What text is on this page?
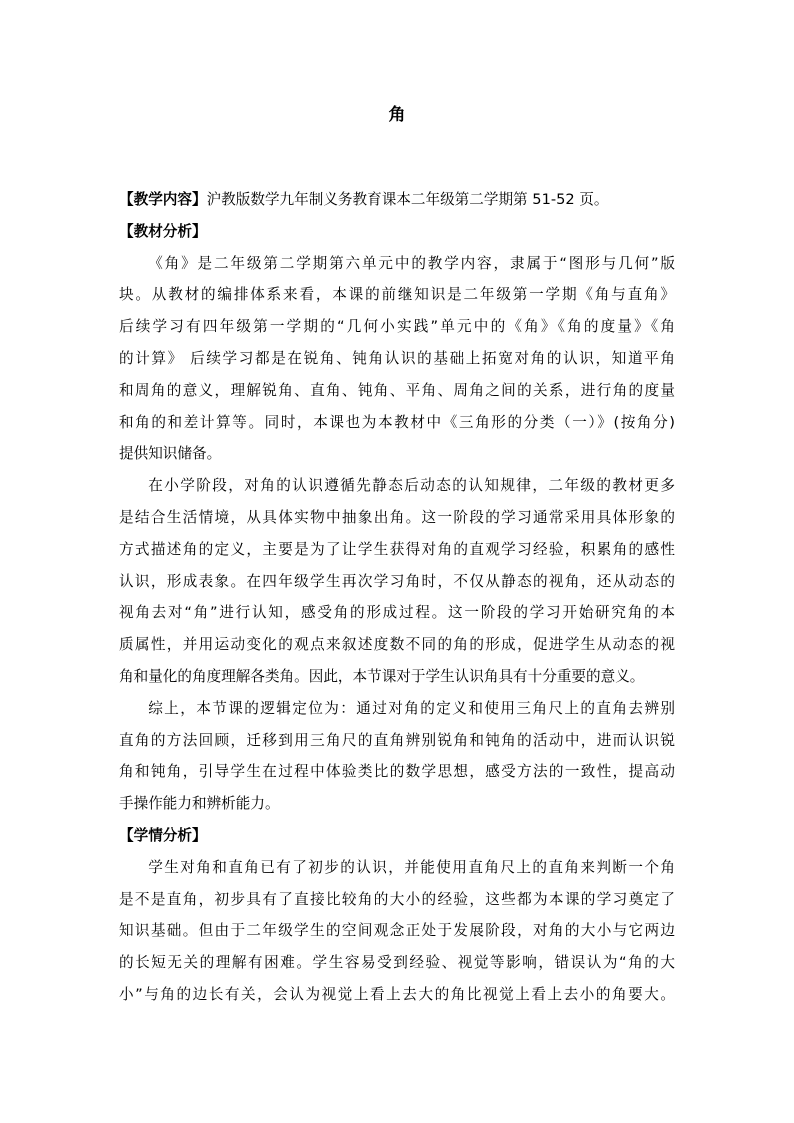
角

【教学内容】沪教版数学九年制义务教育课本二年级第二学期第 51-52 页。

【教材分析】

《角》是二年级第二学期第六单元中的教学内容，隶属于“图形与几何”版
块。从教材的编排体系来看，本课的前继知识是二年级第一学期《角与直角》
后续学习有四年级第一学期的“几何小实践”单元中的《角》《角的度量》《角
的计算》 后续学习都是在锐角、钝角认识的基础上拓宽对角的认识，知道平角
和周角的意义，理解锐角、直角、钝角、平角、周角之间的关系，进行角的度量
和角的和差计算等。同时，本课也为本教材中《三角形的分类（一）》(按角分)
提供知识储备。
在小学阶段，对角的认识遵循先静态后动态的认知规律，二年级的教材更多
是结合生活情境，从具体实物中抽象出角。这一阶段的学习通常采用具体形象的
方式描述角的定义，主要是为了让学生获得对角的直观学习经验，积累角的感性
认识，形成表象。在四年级学生再次学习角时，不仅从静态的视角，还从动态的
视角去对“角”进行认知，感受角的形成过程。这一阶段的学习开始研究角的本
质属性，并用运动变化的观点来叙述度数不同的角的形成，促进学生从动态的视
角和量化的角度理解各类角。因此，本节课对于学生认识角具有十分重要的意义。
综上，本节课的逻辑定位为：通过对角的定义和使用三角尺上的直角去辨别
直角的方法回顾，迁移到用三角尺的直角辨别锐角和钝角的活动中，进而认识锐
角和钝角，引导学生在过程中体验类比的数学思想，感受方法的一致性，提高动
手操作能力和辨析能力。

【学情分析】

学生对角和直角已有了初步的认识，并能使用直角尺上的直角来判断一个角
是不是直角，初步具有了直接比较角的大小的经验，这些都为本课的学习奠定了
知识基础。但由于二年级学生的空间观念正处于发展阶段，对角的大小与它两边
的长短无关的理解有困难。学生容易受到经验、视觉等影响，错误认为“角的大
小”与角的边长有关，会认为视觉上看上去大的角比视觉上看上去小的角要大。
